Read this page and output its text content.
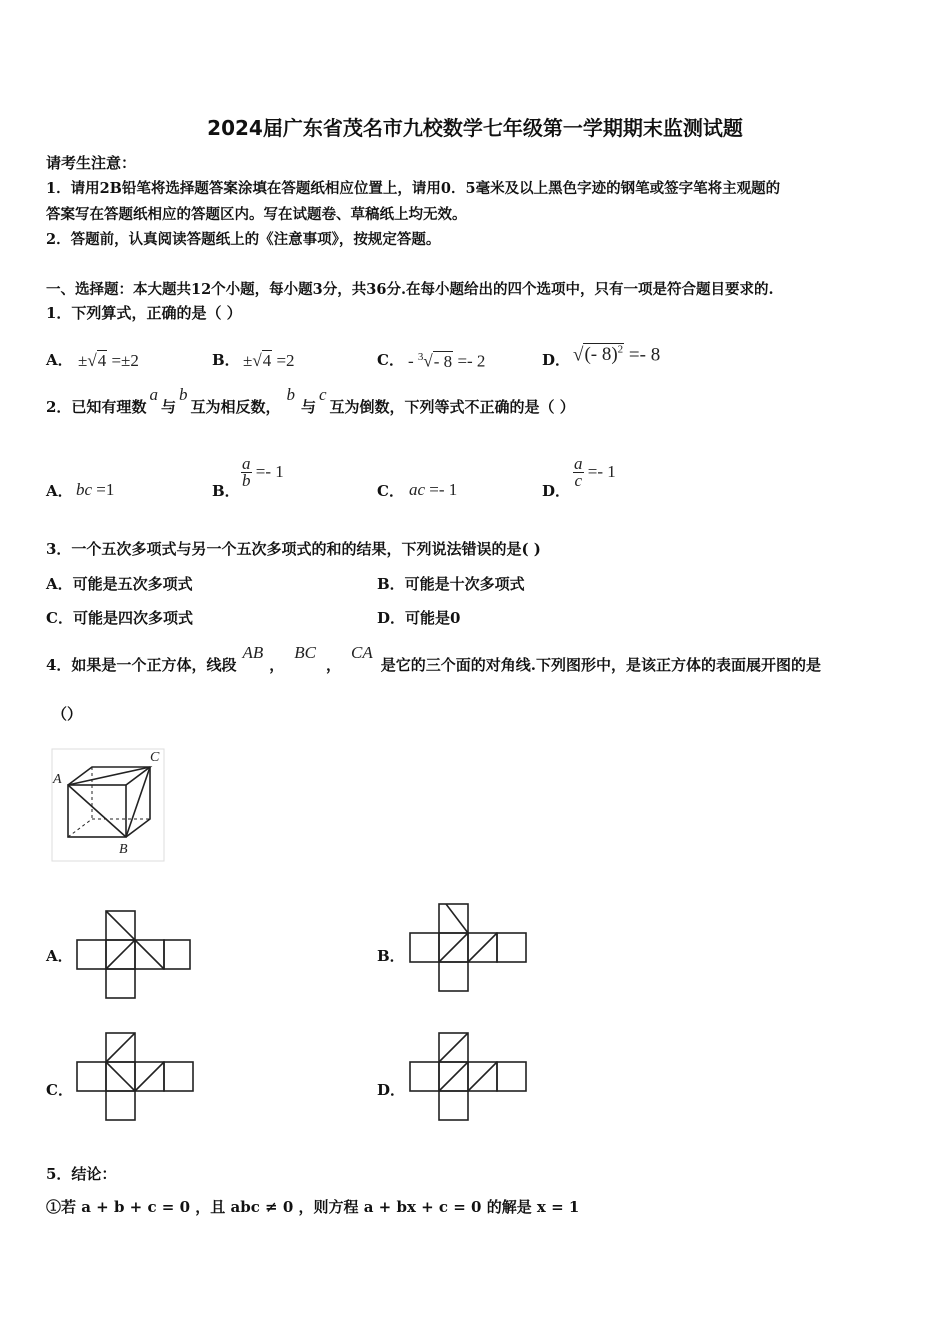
2024届广东省茂名市九校数学七年级第一学期期末监测试题
请考生注意：
1．请用2B铅笔将选择题答案涂填在答题纸相应位置上，请用0．5毫米及以上黑色字迹的钢笔或签字笔将主观题的
答案写在答题纸相应的答题区内。写在试题卷、草稿纸上均无效。
2．答题前，认真阅读答题纸上的《注意事项》，按规定答题。
一、选择题：本大题共12个小题，每小题3分，共36分.在每小题给出的四个选项中，只有一项是符合题目要求的.
1．下列算式，正确的是（ ）
A． ±√4 =±2	B． ±√4 =2	C． - $^3$√- 8 =- 2	D． √(- 8)$^2$ =- 8
2．已知有理数a与b互为相反数，b与c互为倒数，下列等式不正确的是（ ）
A． bc =1	B．
$\frac{a}{b} =- 1$
C． ac =- 1	D．
$\frac{a}{c} =- 1$
3．一个五次多项式与另一个五次多项式的和的结果，下列说法错误的是( )
A．可能是五次多项式	B．可能是十次多项式
C．可能是四次多项式	D．可能是0
4．如果是一个正方体，线段AB，BC，CA是它的三个面的对角线.下列图形中，是该正方体的表面展开图的是
（）
A
C
B
A．	B．
C．	D．
5．结论：
①若 a + b + c = 0 ，且 abc ≠ 0 ，则方程 a + bx + c = 0 的解是 x = 1
